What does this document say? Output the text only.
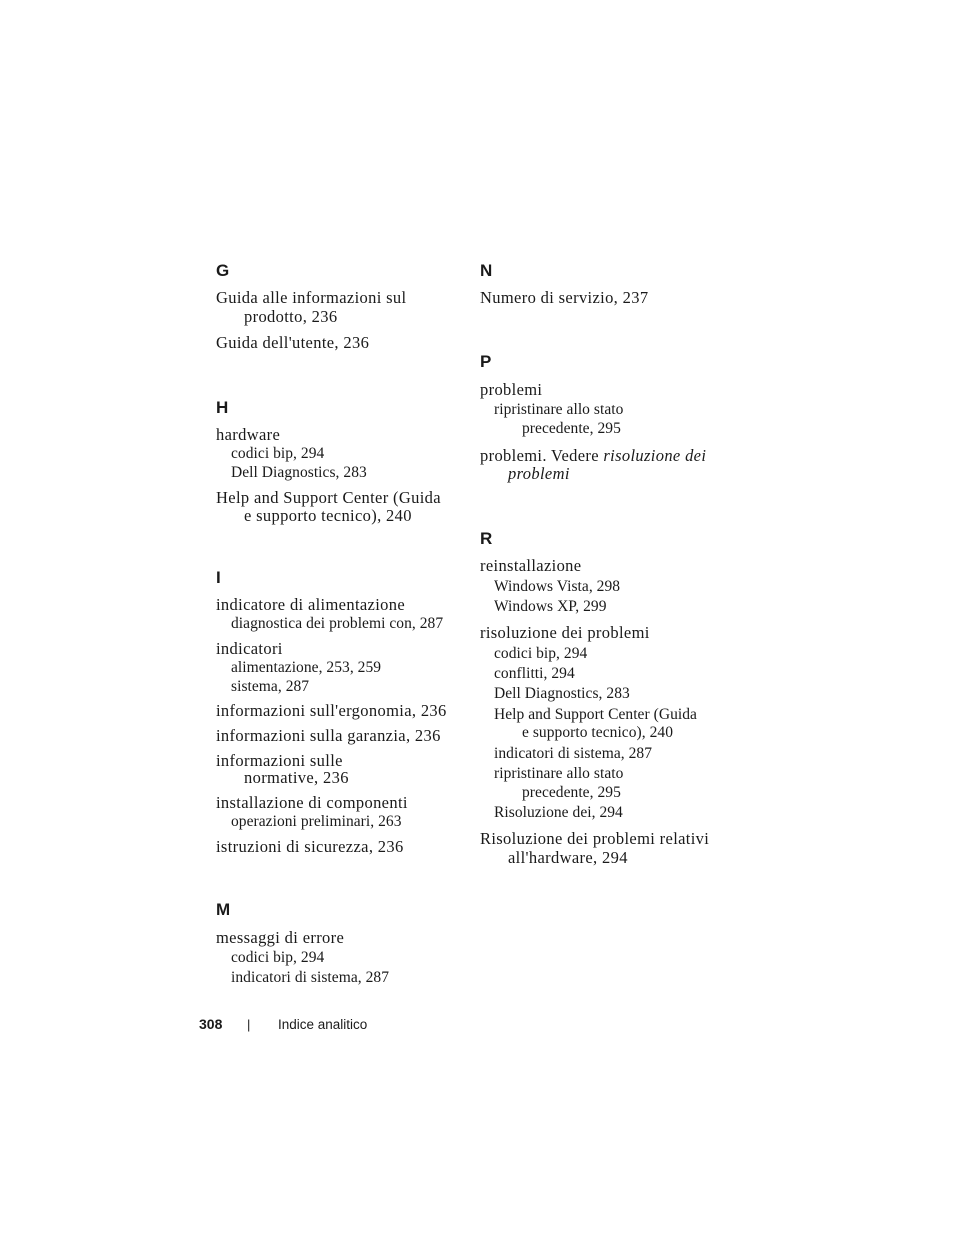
G
Guida alle informazioni sul
prodotto, 236
Guida dell'utente, 236
H
hardware
codici bip, 294
Dell Diagnostics, 283
Help and Support Center (Guida
e supporto tecnico), 240
I
indicatore di alimentazione
diagnostica dei problemi con, 287
indicatori
alimentazione, 253, 259
sistema, 287
informazioni sull'ergonomia, 236
informazioni sulla garanzia, 236
informazioni sulle
normative, 236
installazione di componenti
operazioni preliminari, 263
istruzioni di sicurezza, 236
M
messaggi di errore
codici bip, 294
indicatori di sistema, 287
N
Numero di servizio, 237
P
problemi
ripristinare allo stato
precedente, 295
problemi. Vedere risoluzione dei
problemi
R
reinstallazione
Windows Vista, 298
Windows XP, 299
risoluzione dei problemi
codici bip, 294
conflitti, 294
Dell Diagnostics, 283
Help and Support Center (Guida
e supporto tecnico), 240
indicatori di sistema, 287
ripristinare allo stato
precedente, 295
Risoluzione dei, 294
Risoluzione dei problemi relativi
all'hardware, 294
308 | Indice analitico
